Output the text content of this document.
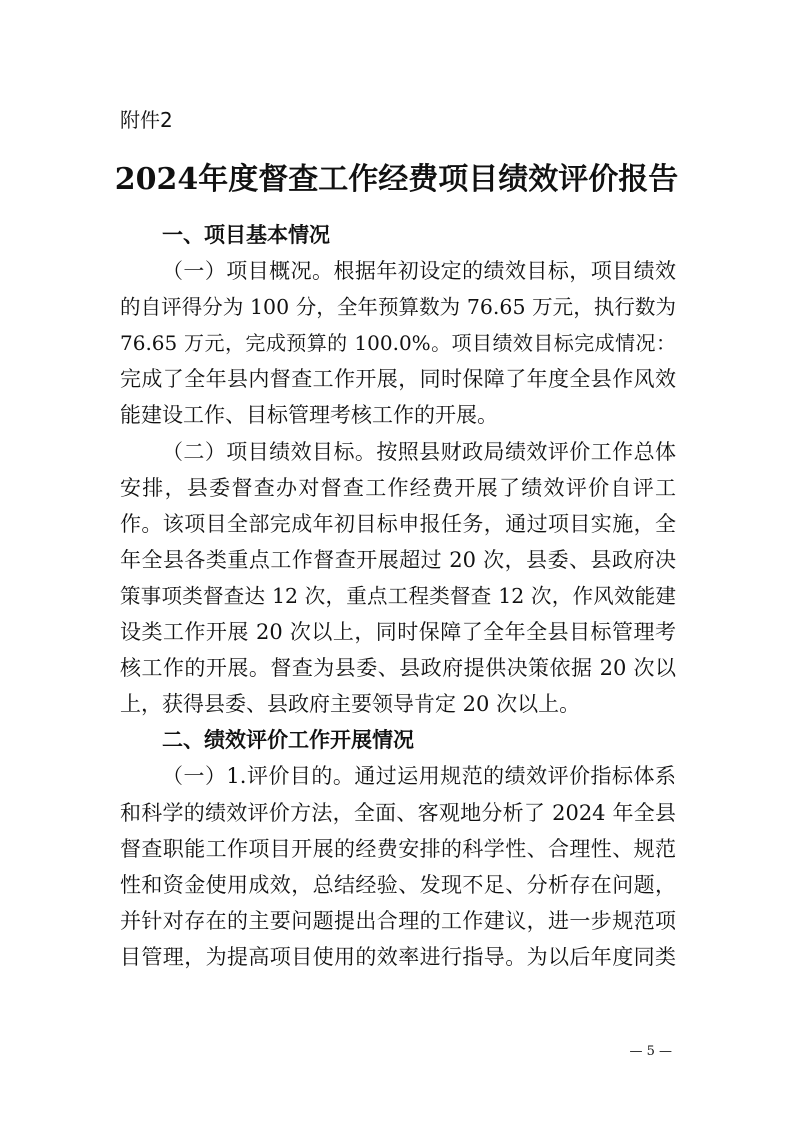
附件2
2024年度督查工作经费项目绩效评价报告
一、项目基本情况
（一）项目概况。根据年初设定的绩效目标，项目绩效
的自评得分为 100 分，全年预算数为 76.65 万元，执行数为
76.65 万元，完成预算的 100.0%。项目绩效目标完成情况：
完成了全年县内督查工作开展，同时保障了年度全县作风效
能建设工作、目标管理考核工作的开展。
（二）项目绩效目标。按照县财政局绩效评价工作总体
安排，县委督查办对督查工作经费开展了绩效评价自评工
作。该项目全部完成年初目标申报任务，通过项目实施，全
年全县各类重点工作督查开展超过 20 次，县委、县政府决
策事项类督查达 12 次，重点工程类督查 12 次，作风效能建
设类工作开展 20 次以上，同时保障了全年全县目标管理考
核工作的开展。督查为县委、县政府提供决策依据 20 次以
上，获得县委、县政府主要领导肯定 20 次以上。
二、绩效评价工作开展情况
（一）1.评价目的。通过运用规范的绩效评价指标体系
和科学的绩效评价方法，全面、客观地分析了 2024 年全县
督查职能工作项目开展的经费安排的科学性、合理性、规范
性和资金使用成效，总结经验、发现不足、分析存在问题，
并针对存在的主要问题提出合理的工作建议，进一步规范项
目管理，为提高项目使用的效率进行指导。为以后年度同类
— 5 —
